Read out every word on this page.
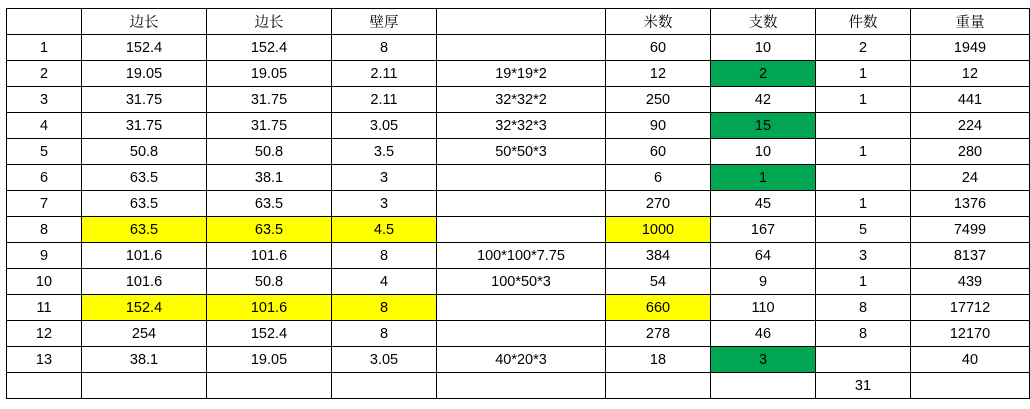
	边长	边长	壁厚		米数	支数	件数	重量
1	152.4	152.4	8		60	10	2	1949
2	19.05	19.05	2.11	19*19*2	12	2	1	12
3	31.75	31.75	2.11	32*32*2	250	42	1	441
4	31.75	31.75	3.05	32*32*3	90	15		224
5	50.8	50.8	3.5	50*50*3	60	10	1	280
6	63.5	38.1	3		6	1		24
7	63.5	63.5	3		270	45	1	1376
8	63.5	63.5	4.5		1000	167	5	7499
9	101.6	101.6	8	100*100*7.75	384	64	3	8137
10	101.6	50.8	4	100*50*3	54	9	1	439
11	152.4	101.6	8		660	110	8	17712
12	254	152.4	8		278	46	8	12170
13	38.1	19.05	3.05	40*20*3	18	3		40
							31	
